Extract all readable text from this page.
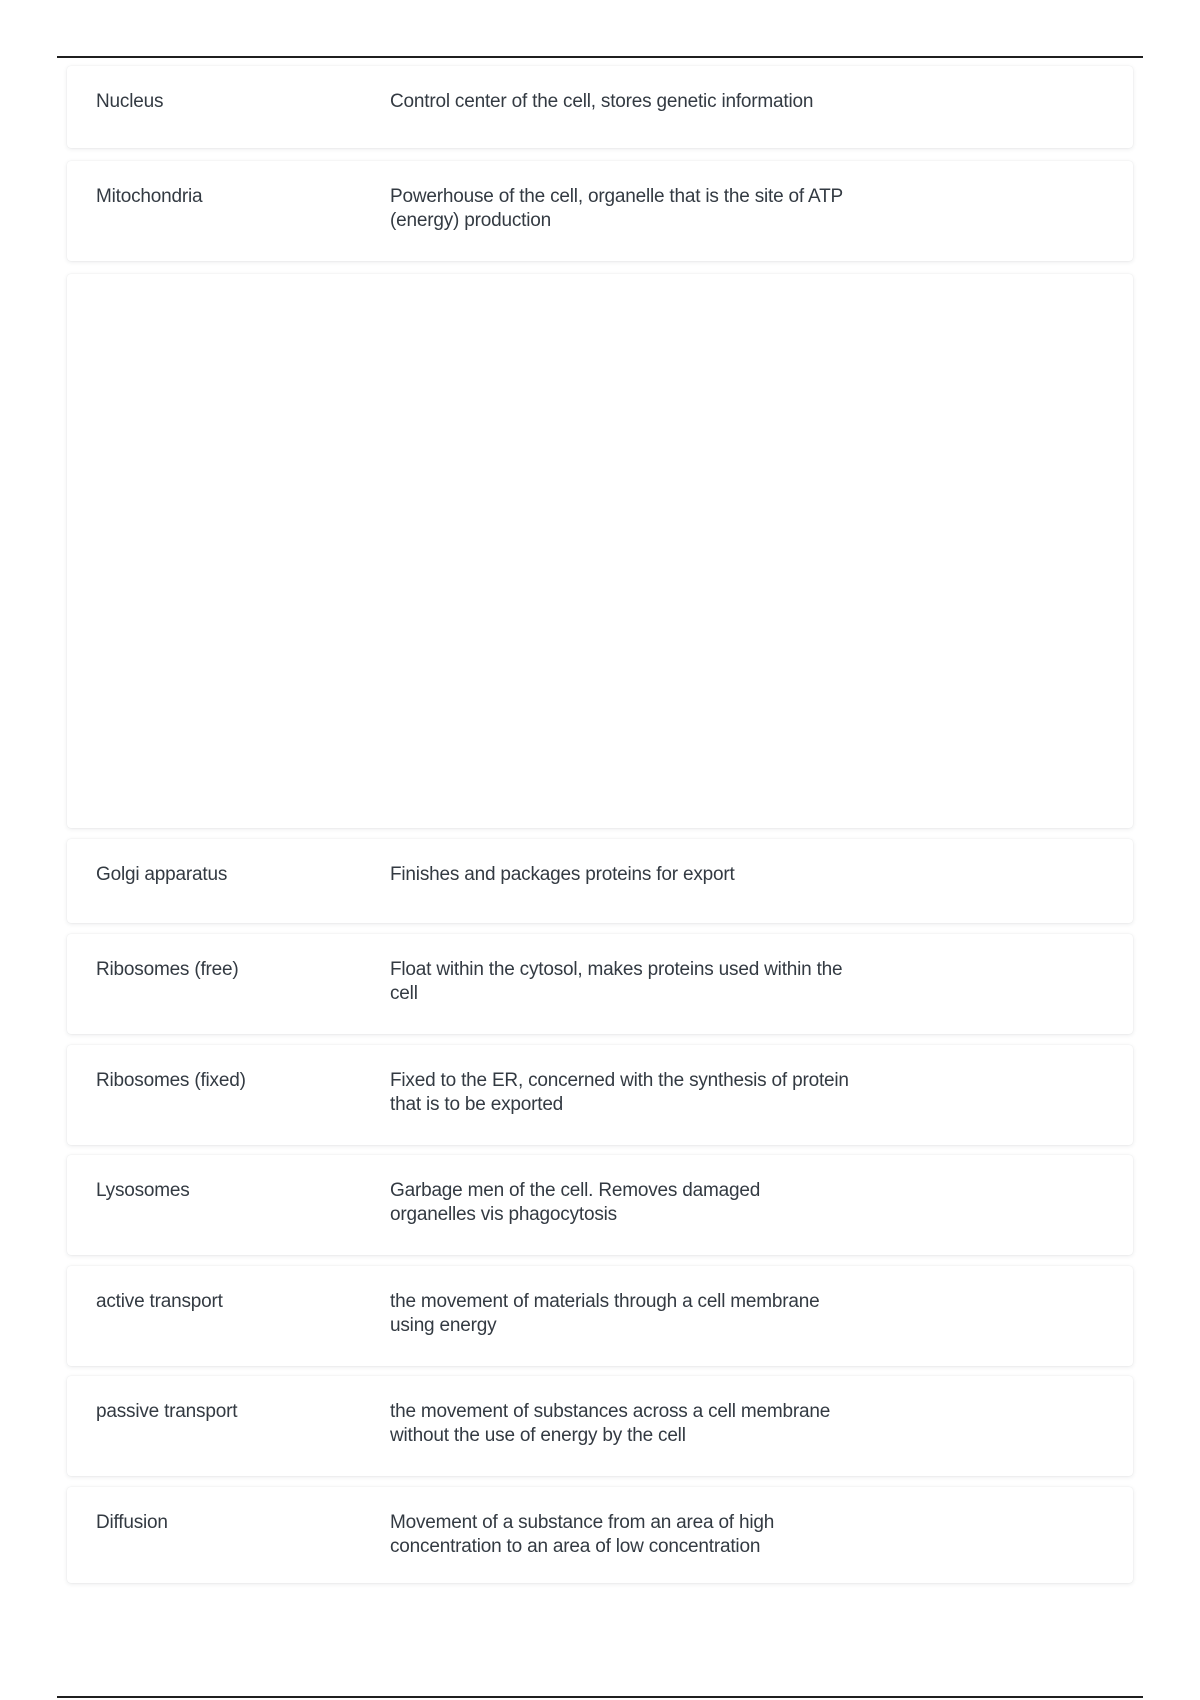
Nucleus	Control center of the cell, stores genetic information
Mitochondria	Powerhouse of the cell, organelle that is the site of ATP
(energy) production
Golgi apparatus	Finishes and packages proteins for export
Ribosomes (free)	Float within the cytosol, makes proteins used within the
cell
Ribosomes (fixed)	Fixed to the ER, concerned with the synthesis of protein
that is to be exported
Lysosomes	Garbage men of the cell. Removes damaged
organelles vis phagocytosis
active transport	the movement of materials through a cell membrane
using energy
passive transport	the movement of substances across a cell membrane
without the use of energy by the cell
Diffusion	Movement of a substance from an area of high
concentration to an area of low concentration
